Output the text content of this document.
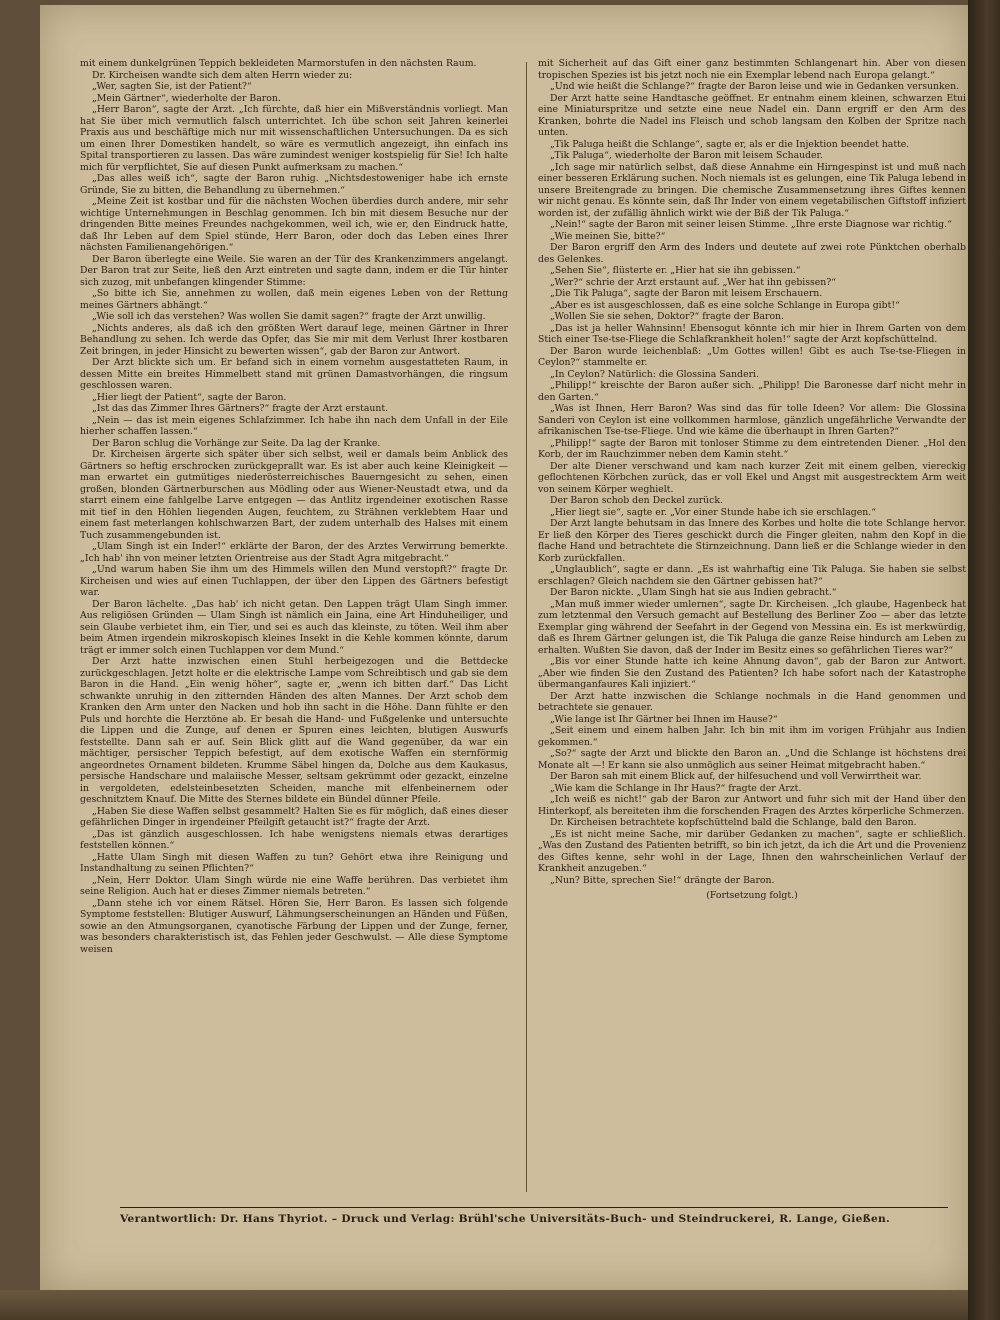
mit einem dunkelgrünen Teppich bekleideten Marmorstufen in den nächsten Raum.

Dr. Kircheisen wandte sich dem alten Herrn wieder zu:

„Wer, sagten Sie, ist der Patient?“

„Mein Gärtner“, wiederholte der Baron.

„Herr Baron“, sagte der Arzt. „Ich fürchte, daß hier ein Mißverständnis vorliegt. Man hat Sie über mich vermutlich falsch unterrichtet. Ich übe schon seit Jahren keinerlei Praxis aus und beschäftige mich nur mit wissenschaftlichen Untersuchungen. Da es sich um einen Ihrer Domestiken handelt, so wäre es vermutlich angezeigt, ihn einfach ins Spital transportieren zu lassen. Das wäre zumindest weniger kostspielig für Sie! Ich halte mich für verpflichtet, Sie auf diesen Punkt aufmerksam zu machen.“

„Das alles weiß ich“, sagte der Baron ruhig. „Nichtsdestoweniger habe ich ernste Gründe, Sie zu bitten, die Behandlung zu übernehmen.“

„Meine Zeit ist kostbar und für die nächsten Wochen überdies durch andere, mir sehr wichtige Unternehmungen in Beschlag genommen. Ich bin mit diesem Besuche nur der dringenden Bitte meines Freundes nachgekommen, weil ich, wie er, den Eindruck hatte, daß Ihr Leben auf dem Spiel stünde, Herr Baron, oder doch das Leben eines Ihrer nächsten Familienangehörigen.“

Der Baron überlegte eine Weile. Sie waren an der Tür des Krankenzimmers angelangt. Der Baron trat zur Seite, ließ den Arzt eintreten und sagte dann, indem er die Tür hinter sich zuzog, mit unbefangen klingender Stimme:

„So bitte ich Sie, annehmen zu wollen, daß mein eigenes Leben von der Rettung meines Gärtners abhängt.“

„Wie soll ich das verstehen? Was wollen Sie damit sagen?“ fragte der Arzt unwillig.

„Nichts anderes, als daß ich den größten Wert darauf lege, meinen Gärtner in Ihrer Behandlung zu sehen. Ich werde das Opfer, das Sie mir mit dem Verlust Ihrer kostbaren Zeit bringen, in jeder Hinsicht zu bewerten wissen“, gab der Baron zur Antwort.

Der Arzt blickte sich um. Er befand sich in einem vornehm ausgestatteten Raum, in dessen Mitte ein breites Himmelbett stand mit grünen Damastvorhängen, die ringsum geschlossen waren.

„Hier liegt der Patient“, sagte der Baron.

„Ist das das Zimmer Ihres Gärtners?“ fragte der Arzt erstaunt.

„Nein — das ist mein eigenes Schlafzimmer. Ich habe ihn nach dem Unfall in der Eile hierher schaffen lassen.“

Der Baron schlug die Vorhänge zur Seite. Da lag der Kranke.

Dr. Kircheisen ärgerte sich später über sich selbst, weil er damals beim Anblick des Gärtners so heftig erschrocken zurückgeprallt war. Es ist aber auch keine Kleinigkeit — man erwartet ein gutmütiges niederösterreichisches Bauerngesicht zu sehen, einen großen, blonden Gärtnerburschen aus Mödling oder aus Wiener-Neustadt etwa, und da starrt einem eine fahlgelbe Larve entgegen — das Antlitz irgendeiner exotischen Rasse mit tief in den Höhlen liegenden Augen, feuchtem, zu Strähnen verklebtem Haar und einem fast meterlangen kohlschwarzen Bart, der zudem unterhalb des Halses mit einem Tuch zusammengebunden ist.

„Ulam Singh ist ein Inder!“ erklärte der Baron, der des Arztes Verwirrung bemerkte. „Ich hab' ihn von meiner letzten Orientreise aus der Stadt Agra mitgebracht.“

„Und warum haben Sie ihm um des Himmels willen den Mund verstopft?“ fragte Dr. Kircheisen und wies auf einen Tuchlappen, der über den Lippen des Gärtners befestigt war.

Der Baron lächelte. „Das hab' ich nicht getan. Den Lappen trägt Ulam Singh immer. Aus religiösen Gründen — Ulam Singh ist nämlich ein Jaina, eine Art Hinduheiliger, und sein Glaube verbietet ihm, ein Tier, und sei es auch das kleinste, zu töten. Weil ihm aber beim Atmen irgendein mikroskopisch kleines Insekt in die Kehle kommen könnte, darum trägt er immer solch einen Tuchlappen vor dem Mund.“

Der Arzt hatte inzwischen einen Stuhl herbeigezogen und die Bettdecke zurückgeschlagen. Jetzt holte er die elektrische Lampe vom Schreibtisch und gab sie dem Baron in die Hand. „Ein wenig höher“, sagte er, „wenn ich bitten darf.“ Das Licht schwankte unruhig in den zitternden Händen des alten Mannes. Der Arzt schob dem Kranken den Arm unter den Nacken und hob ihn sacht in die Höhe. Dann fühlte er den Puls und horchte die Herztöne ab. Er besah die Hand- und Fußgelenke und untersuchte die Lippen und die Zunge, auf denen er Spuren eines leichten, blutigen Auswurfs feststellte. Dann sah er auf. Sein Blick glitt auf die Wand gegenüber, da war ein mächtiger, persischer Teppich befestigt, auf dem exotische Waffen ein sternförmig angeordnetes Ornament bildeten. Krumme Säbel hingen da, Dolche aus dem Kaukasus, persische Handschare und malaiische Messer, seltsam gekrümmt oder gezackt, einzelne in vergoldeten, edelsteinbesetzten Scheiden, manche mit elfenbeinernem oder geschnitztem Knauf. Die Mitte des Sternes bildete ein Bündel dünner Pfeile.

„Haben Sie diese Waffen selbst gesammelt? Halten Sie es für möglich, daß eines dieser gefährlichen Dinger in irgendeiner Pfeilgift getaucht ist?“ fragte der Arzt.

„Das ist gänzlich ausgeschlossen. Ich habe wenigstens niemals etwas derartiges feststellen können.“

„Hatte Ulam Singh mit diesen Waffen zu tun? Gehört etwa ihre Reinigung und Instandhaltung zu seinen Pflichten?“

„Nein, Herr Doktor. Ulam Singh würde nie eine Waffe berühren. Das verbietet ihm seine Religion. Auch hat er dieses Zimmer niemals betreten.“

„Dann stehe ich vor einem Rätsel. Hören Sie, Herr Baron. Es lassen sich folgende Symptome feststellen: Blutiger Auswurf, Lähmungserscheinungen an Händen und Füßen, sowie an den Atmungsorganen, cyanotische Färbung der Lippen und der Zunge, ferner, was besonders charakteristisch ist, das Fehlen jeder Geschwulst. — Alle diese Symptome weisen

mit Sicherheit auf das Gift einer ganz bestimmten Schlangenart hin. Aber von diesen tropischen Spezies ist bis jetzt noch nie ein Exemplar lebend nach Europa gelangt.“

„Und wie heißt die Schlange?“ fragte der Baron leise und wie in Gedanken versunken.

Der Arzt hatte seine Handtasche geöffnet. Er entnahm einem kleinen, schwarzen Etui eine Miniaturspritze und setzte eine neue Nadel ein. Dann ergriff er den Arm des Kranken, bohrte die Nadel ins Fleisch und schob langsam den Kolben der Spritze nach unten.

„Tik Paluga heißt die Schlange“, sagte er, als er die Injektion beendet hatte.

„Tik Paluga“, wiederholte der Baron mit leisem Schauder.

„Ich sage mir natürlich selbst, daß diese Annahme ein Hirngespinst ist und muß nach einer besseren Erklärung suchen. Noch niemals ist es gelungen, eine Tik Paluga lebend in unsere Breitengrade zu bringen. Die chemische Zusammensetzung ihres Giftes kennen wir nicht genau. Es könnte sein, daß Ihr Inder von einem vegetabilischen Giftstoff infiziert worden ist, der zufällig ähnlich wirkt wie der Biß der Tik Paluga.“

„Nein!“ sagte der Baron mit seiner leisen Stimme. „Ihre erste Diagnose war richtig.“

„Wie meinen Sie, bitte?“

Der Baron ergriff den Arm des Inders und deutete auf zwei rote Pünktchen oberhalb des Gelenkes.

„Sehen Sie“, flüsterte er. „Hier hat sie ihn gebissen.“

„Wer?“ schrie der Arzt erstaunt auf. „Wer hat ihn gebissen?“

„Die Tik Paluga“, sagte der Baron mit leisem Erschauern.

„Aber es ist ausgeschlossen, daß es eine solche Schlange in Europa gibt!“

„Wollen Sie sie sehen, Doktor?“ fragte der Baron.

„Das ist ja heller Wahnsinn! Ebensogut könnte ich mir hier in Ihrem Garten von dem Stich einer Tse-tse-Fliege die Schlafkrankheit holen!“ sagte der Arzt kopfschüttelnd.

Der Baron wurde leichenblaß: „Um Gottes willen! Gibt es auch Tse-tse-Fliegen in Ceylon?“ stammelte er.

„In Ceylon? Natürlich: die Glossina Sanderi.

„Philipp!“ kreischte der Baron außer sich. „Philipp! Die Baronesse darf nicht mehr in den Garten.“

„Was ist Ihnen, Herr Baron? Was sind das für tolle Ideen? Vor allem: Die Glossina Sanderi von Ceylon ist eine vollkommen harmlose, gänzlich ungefährliche Verwandte der afrikanischen Tse-tse-Fliege. Und wie käme die überhaupt in Ihren Garten?“

„Philipp!“ sagte der Baron mit tonloser Stimme zu dem eintretenden Diener. „Hol den Korb, der im Rauchzimmer neben dem Kamin steht.“

Der alte Diener verschwand und kam nach kurzer Zeit mit einem gelben, viereckig geflochtenen Körbchen zurück, das er voll Ekel und Angst mit ausgestrecktem Arm weit von seinem Körper weghielt.

Der Baron schob den Deckel zurück.

„Hier liegt sie“, sagte er. „Vor einer Stunde habe ich sie erschlagen.“

Der Arzt langte behutsam in das Innere des Korbes und holte die tote Schlange hervor. Er ließ den Körper des Tieres geschickt durch die Finger gleiten, nahm den Kopf in die flache Hand und betrachtete die Stirnzeichnung. Dann ließ er die Schlange wieder in den Korb zurückfallen.

„Unglaublich“, sagte er dann. „Es ist wahrhaftig eine Tik Paluga. Sie haben sie selbst erschlagen? Gleich nachdem sie den Gärtner gebissen hat?“

Der Baron nickte. „Ulam Singh hat sie aus Indien gebracht.“

„Man muß immer wieder umlernen“, sagte Dr. Kircheisen. „Ich glaube, Hagenbeck hat zum letztenmal den Versuch gemacht auf Bestellung des Berliner Zoo — aber das letzte Exemplar ging während der Seefahrt in der Gegend von Messina ein. Es ist merkwürdig, daß es Ihrem Gärtner gelungen ist, die Tik Paluga die ganze Reise hindurch am Leben zu erhalten. Wußten Sie davon, daß der Inder im Besitz eines so gefährlichen Tieres war?“

„Bis vor einer Stunde hatte ich keine Ahnung davon“, gab der Baron zur Antwort. „Aber wie finden Sie den Zustand des Patienten? Ich habe sofort nach der Katastrophe übermanganfaures Kali injiziert.“

Der Arzt hatte inzwischen die Schlange nochmals in die Hand genommen und betrachtete sie genauer.

„Wie lange ist Ihr Gärtner bei Ihnen im Hause?“

„Seit einem und einem halben Jahr. Ich bin mit ihm im vorigen Frühjahr aus Indien gekommen.“

„So?“ sagte der Arzt und blickte den Baron an. „Und die Schlange ist höchstens drei Monate alt —! Er kann sie also unmöglich aus seiner Heimat mitgebracht haben.“

Der Baron sah mit einem Blick auf, der hilfesuchend und voll Verwirrtheit war.

„Wie kam die Schlange in Ihr Haus?“ fragte der Arzt.

„Ich weiß es nicht!“ gab der Baron zur Antwort und fuhr sich mit der Hand über den Hinterkopf, als bereiteten ihm die forschenden Fragen des Arztes körperliche Schmerzen.

Dr. Kircheisen betrachtete kopfschüttelnd bald die Schlange, bald den Baron.

„Es ist nicht meine Sache, mir darüber Gedanken zu machen“, sagte er schließlich. „Was den Zustand des Patienten betrifft, so bin ich jetzt, da ich die Art und die Provenienz des Giftes kenne, sehr wohl in der Lage, Ihnen den wahrscheinlichen Verlauf der Krankheit anzugeben.“

„Nun? Bitte, sprechen Sie!“ drängte der Baron.

(Fortsetzung folgt.)

Verantwortlich: Dr. Hans Thyriot. – Druck und Verlag: Brühl'sche Universitäts-Buch- und Steindruckerei, R. Lange, Gießen.
